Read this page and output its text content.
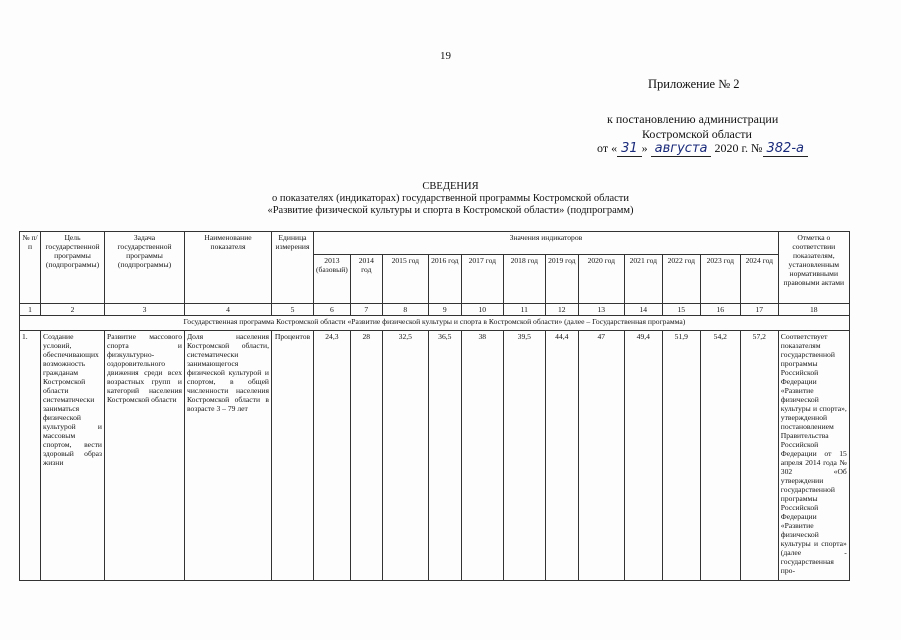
19
Приложение № 2
к постановлению администрации
Костромской области
от « 31 » августа 2020 г. № 382-а
СВЕДЕНИЯ
о показателях (индикаторах) государственной программы Костромской области
«Развитие физической культуры и спорта в Костромской области» (подпрограмм)
№ п/п	Цель государственной программы (подпрограммы)	Задача государственной программы (подпрограммы)	Наименование показателя	Единица измерения	Значения индикаторов												Отметка о соответствии показателям, установленным нормативными правовыми актами
					2013 (базовый)	2014 год	2015 год	2016 год	2017 год	2018 год	2019 год	2020 год	2021 год	2022 год	2023 год	2024 год	
1	2	3	4	5	6	7	8	9	10	11	12	13	14	15	16	17	18
Государственная программа Костромской области «Развитие физической культуры и спорта в Костромской области» (далее – Государственная программа)																	
1.	Создание условий, обеспечивающих возможность гражданам Костромской области систематически заниматься физической культурой и массовым спортом, вести здоровый образ жизни	Развитие массового спорта и физкультурно-оздоровительного движения среди всех возрастных групп и категорий населения Костромской области	Доля населения Костромской области, систематически занимающегося физической культурой и спортом, в общей численности населения Костромской области в возрасте 3 – 79 лет	Процентов	24,3	28	32,5	36,5	38	39,5	44,4	47	49,4	51,9	54,2	57,2	Соответствует показателям государственной программы Российской Федерации «Развитие физической культуры и спорта», утвержденной постановлением Правительства Российской Федерации от 15 апреля 2014 года № 302 «Об утверждении государственной программы Российской Федерации «Развитие физической культуры и спорта» (далее - государственная про-
